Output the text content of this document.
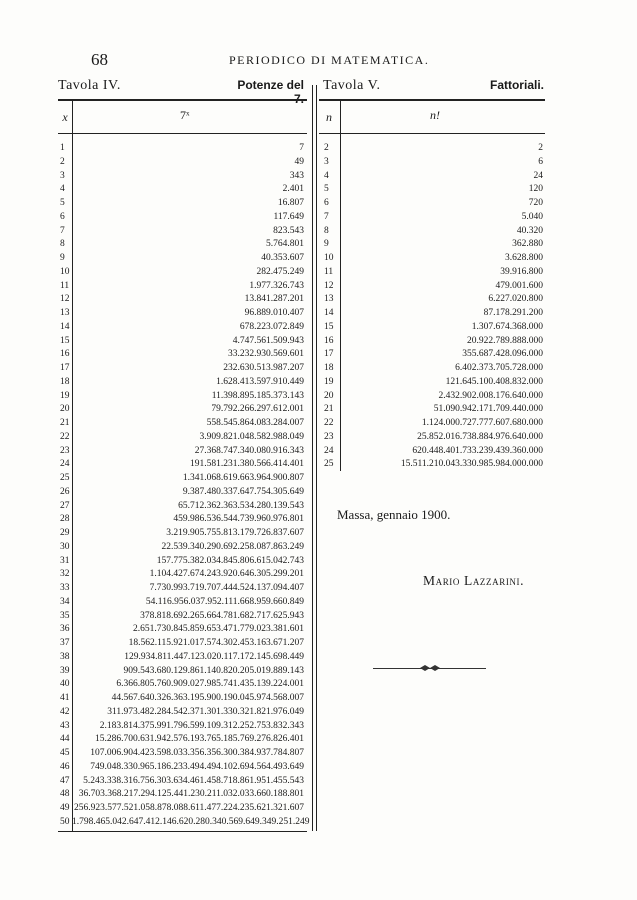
68	PERIODICO DI MATEMATICA.
Tavola IV.	Potenze del Tavola V.	Fattoriali.
x	7ˣ	n	n!
1	7
2	49
3	343
4	2.401
5	16.807
6	117.649
7	823.543
8	5.764.801
9	40.353.607
10	282.475.249
11	1.977.326.743
12	13.841.287.201
13	96.889.010.407
14	678.223.072.849
15	4.747.561.509.943
16	33.232.930.569.601
17	232.630.513.987.207
18	1.628.413.597.910.449
19	11.398.895.185.373.143
20	79.792.266.297.612.001
21	558.545.864.083.284.007
22	3.909.821.048.582.988.049
23	27.368.747.340.080.916.343
24	191.581.231.380.566.414.401
25	1.341.068.619.663.964.900.807
26	9.387.480.337.647.754.305.649
27	65.712.362.363.534.280.139.543
28	459.986.536.544.739.960.976.801
29	3.219.905.755.813.179.726.837.607
30	22.539.340.290.692.258.087.863.249
31	157.775.382.034.845.806.615.042.743
32	1.104.427.674.243.920.646.305.299.201
33	7.730.993.719.707.444.524.137.094.407
34	54.116.956.037.952.111.668.959.660.849
35	378.818.692.265.664.781.682.717.625.943
36	2.651.730.845.859.653.471.779.023.381.601
37	18.562.115.921.017.574.302.453.163.671.207
38	129.934.811.447.123.020.117.172.145.698.449
39	909.543.680.129.861.140.820.205.019.889.143
40	6.366.805.760.909.027.985.741.435.139.224.001
41	44.567.640.326.363.195.900.190.045.974.568.007
42	311.973.482.284.542.371.301.330.321.821.976.049
43	2.183.814.375.991.796.599.109.312.252.753.832.343
44	15.286.700.631.942.576.193.765.185.769.276.826.401
45	107.006.904.423.598.033.356.356.300.384.937.784.807
46	749.048.330.965.186.233.494.494.102.694.564.493.649
47	5.243.338.316.756.303.634.461.458.718.861.951.455.543
48 36.703.368.217.294.125.441.230.211.032.033.660.188.801
49 256.923.577.521.058.878.088.611.477.224.235.621.321.607
50 1.798.465.042.647.412.146.620.280.340.569.649.349.251.249
2	2
3	6
4	24
5	120
6	720
7	5.040
8	40.320
9	362.880
10	3.628.800
11	39.916.800
12	479.001.600
13	6.227.020.800
14	87.178.291.200
15	1.307.674.368.000
16	20.922.789.888.000
17	355.687.428.096.000
18	6.402.373.705.728.000
19	121.645.100.408.832.000
20	2.432.902.008.176.640.000
21	51.090.942.171.709.440.000
22	1.124.000.727.777.607.680.000
23	25.852.016.738.884.976.640.000
24	620.448.401.733.239.439.360.000
25	15.511.210.043.330.985.984.000.000
Massa, gennaio 1900.
Mario Lazzarini.
